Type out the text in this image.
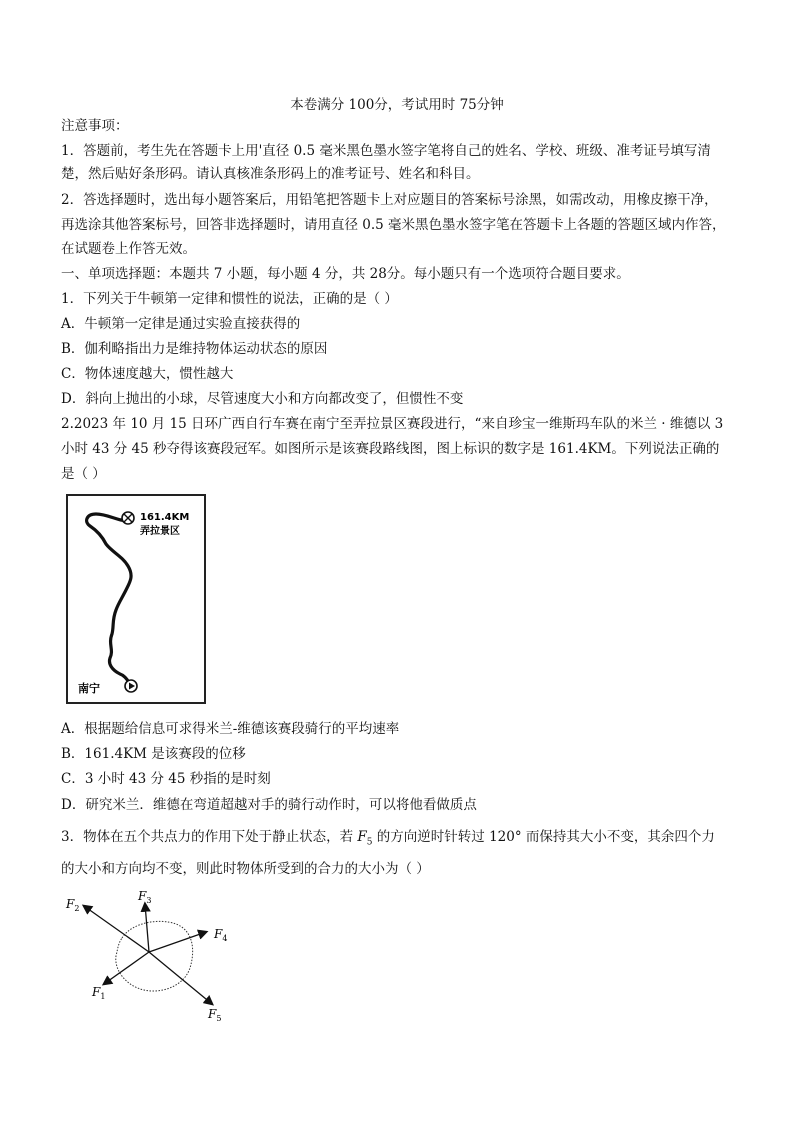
本卷满分 100分，考试用时 75分钟
注意事项：
1．答题前，考生先在答题卡上用'直径 0.5 毫米黑色墨水签字笔将自己的姓名、学校、班级、准考证号填写清
楚，然后贴好条形码。请认真核准条形码上的准考证号、姓名和科目。
2．答选择题时，选出每小题答案后，用铅笔把答题卡上对应题目的答案标号涂黑，如需改动，用橡皮擦干净，
再选涂其他答案标号，回答非选择题时，请用直径 0.5 毫米黑色墨水签字笔在答题卡上各题的答题区域内作答，
在试题卷上作答无效。
一、单项选择题：本题共 7 小题，每小题 4 分，共 28分。每小题只有一个选项符合题目要求。
1．下列关于牛顿第一定律和惯性的说法，正确的是（ ）
A．牛顿第一定律是通过实验直接获得的
B．伽利略指出力是维持物体运动状态的原因
C．物体速度越大，惯性越大
D．斜向上抛出的小球，尽管速度大小和方向都改变了，但惯性不变
2.2023 年 10 月 15 日环广西自行车赛在南宁至弄拉景区赛段进行，“来自珍宝一维斯玛车队的米兰 · 维德以 3
小时 43 分 45 秒夺得该赛段冠军。如图所示是该赛段路线图，图上标识的数字是 161.4KM。下列说法正确的
是（ ）
161.4KM
弄拉景区
南宁
A．根据题给信息可求得米兰-维德该赛段骑行的平均速率
B．161.4KM 是该赛段的位移
C．3 小时 43 分 45 秒指的是时刻
D．研究米兰．维德在弯道超越对手的骑行动作时，可以将他看做质点
3．物体在五个共点力的作用下处于静止状态，若 $F_5$ 的方向逆时针转过 120° 而保持其大小不变，其余四个力
的大小和方向均不变，则此时物体所受到的合力的大小为（ ）
$F_1$
$F_2$
$F_3$
$F_4$
$F_5$
